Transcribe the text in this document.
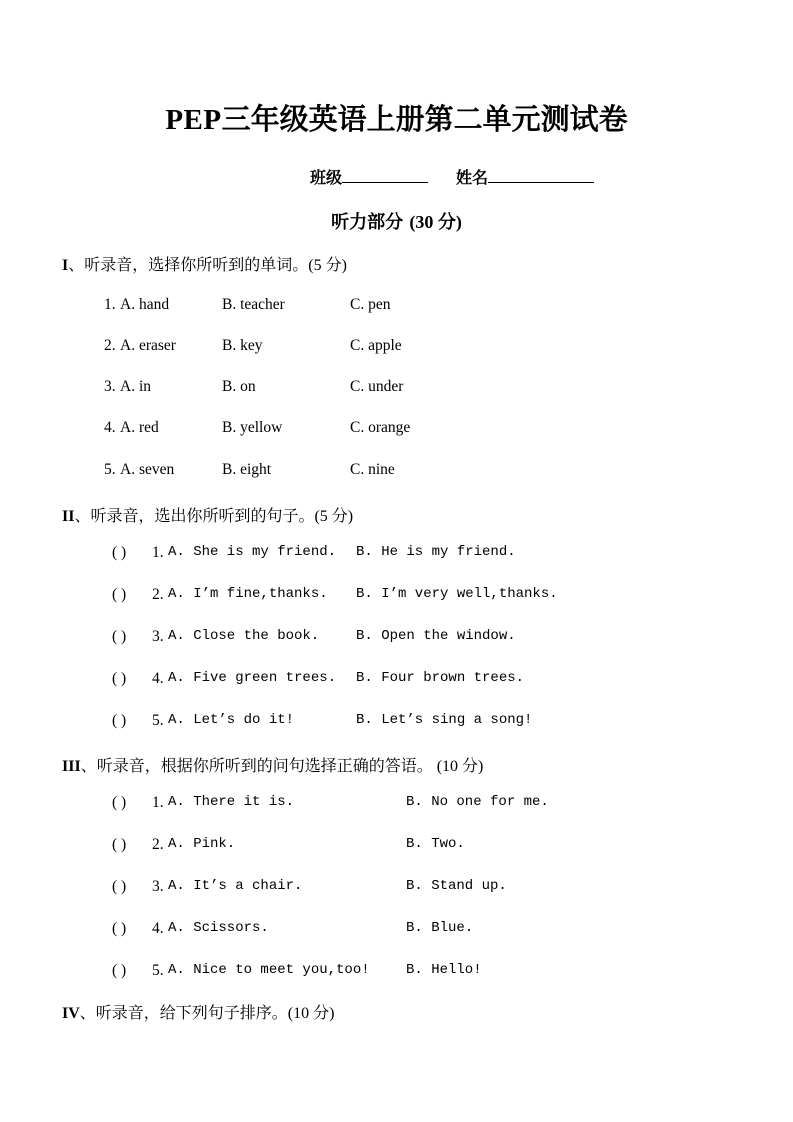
PEP三年级英语上册第二单元测试卷
班级	姓名
听力部分 (30 分)
I、听录音，选择你所听到的单词。(5 分)
1. A. hand	B. teacher	C. pen
2. A. eraser	B. key	C. apple
3. A. in	B. on	C. under
4. A. red	B. yellow	C. orange
5. A. seven	B. eight	C. nine
II、听录音，选出你所听到的句子。(5 分)
( ) 1. A. She is my friend. B. He is my friend.
( ) 2. A. I’m fine,thanks. B. I’m very well,thanks.
( ) 3. A. Close the book.	B. Open the window.
( ) 4. A. Five green trees. B. Four brown trees.
( ) 5. A. Let’s do it!	B. Let’s sing a song!
III、听录音，根据你所听到的问句选择正确的答语。 (10 分)
( ) 1. A. There it is.	B. No one for me.
( ) 2. A. Pink.	B. Two.
( ) 3. A. It’s a chair.	B. Stand up.
( ) 4. A. Scissors.	B. Blue.
( ) 5. A. Nice to meet you,too!	B. Hello!
IV、听录音，给下列句子排序。(10 分)
